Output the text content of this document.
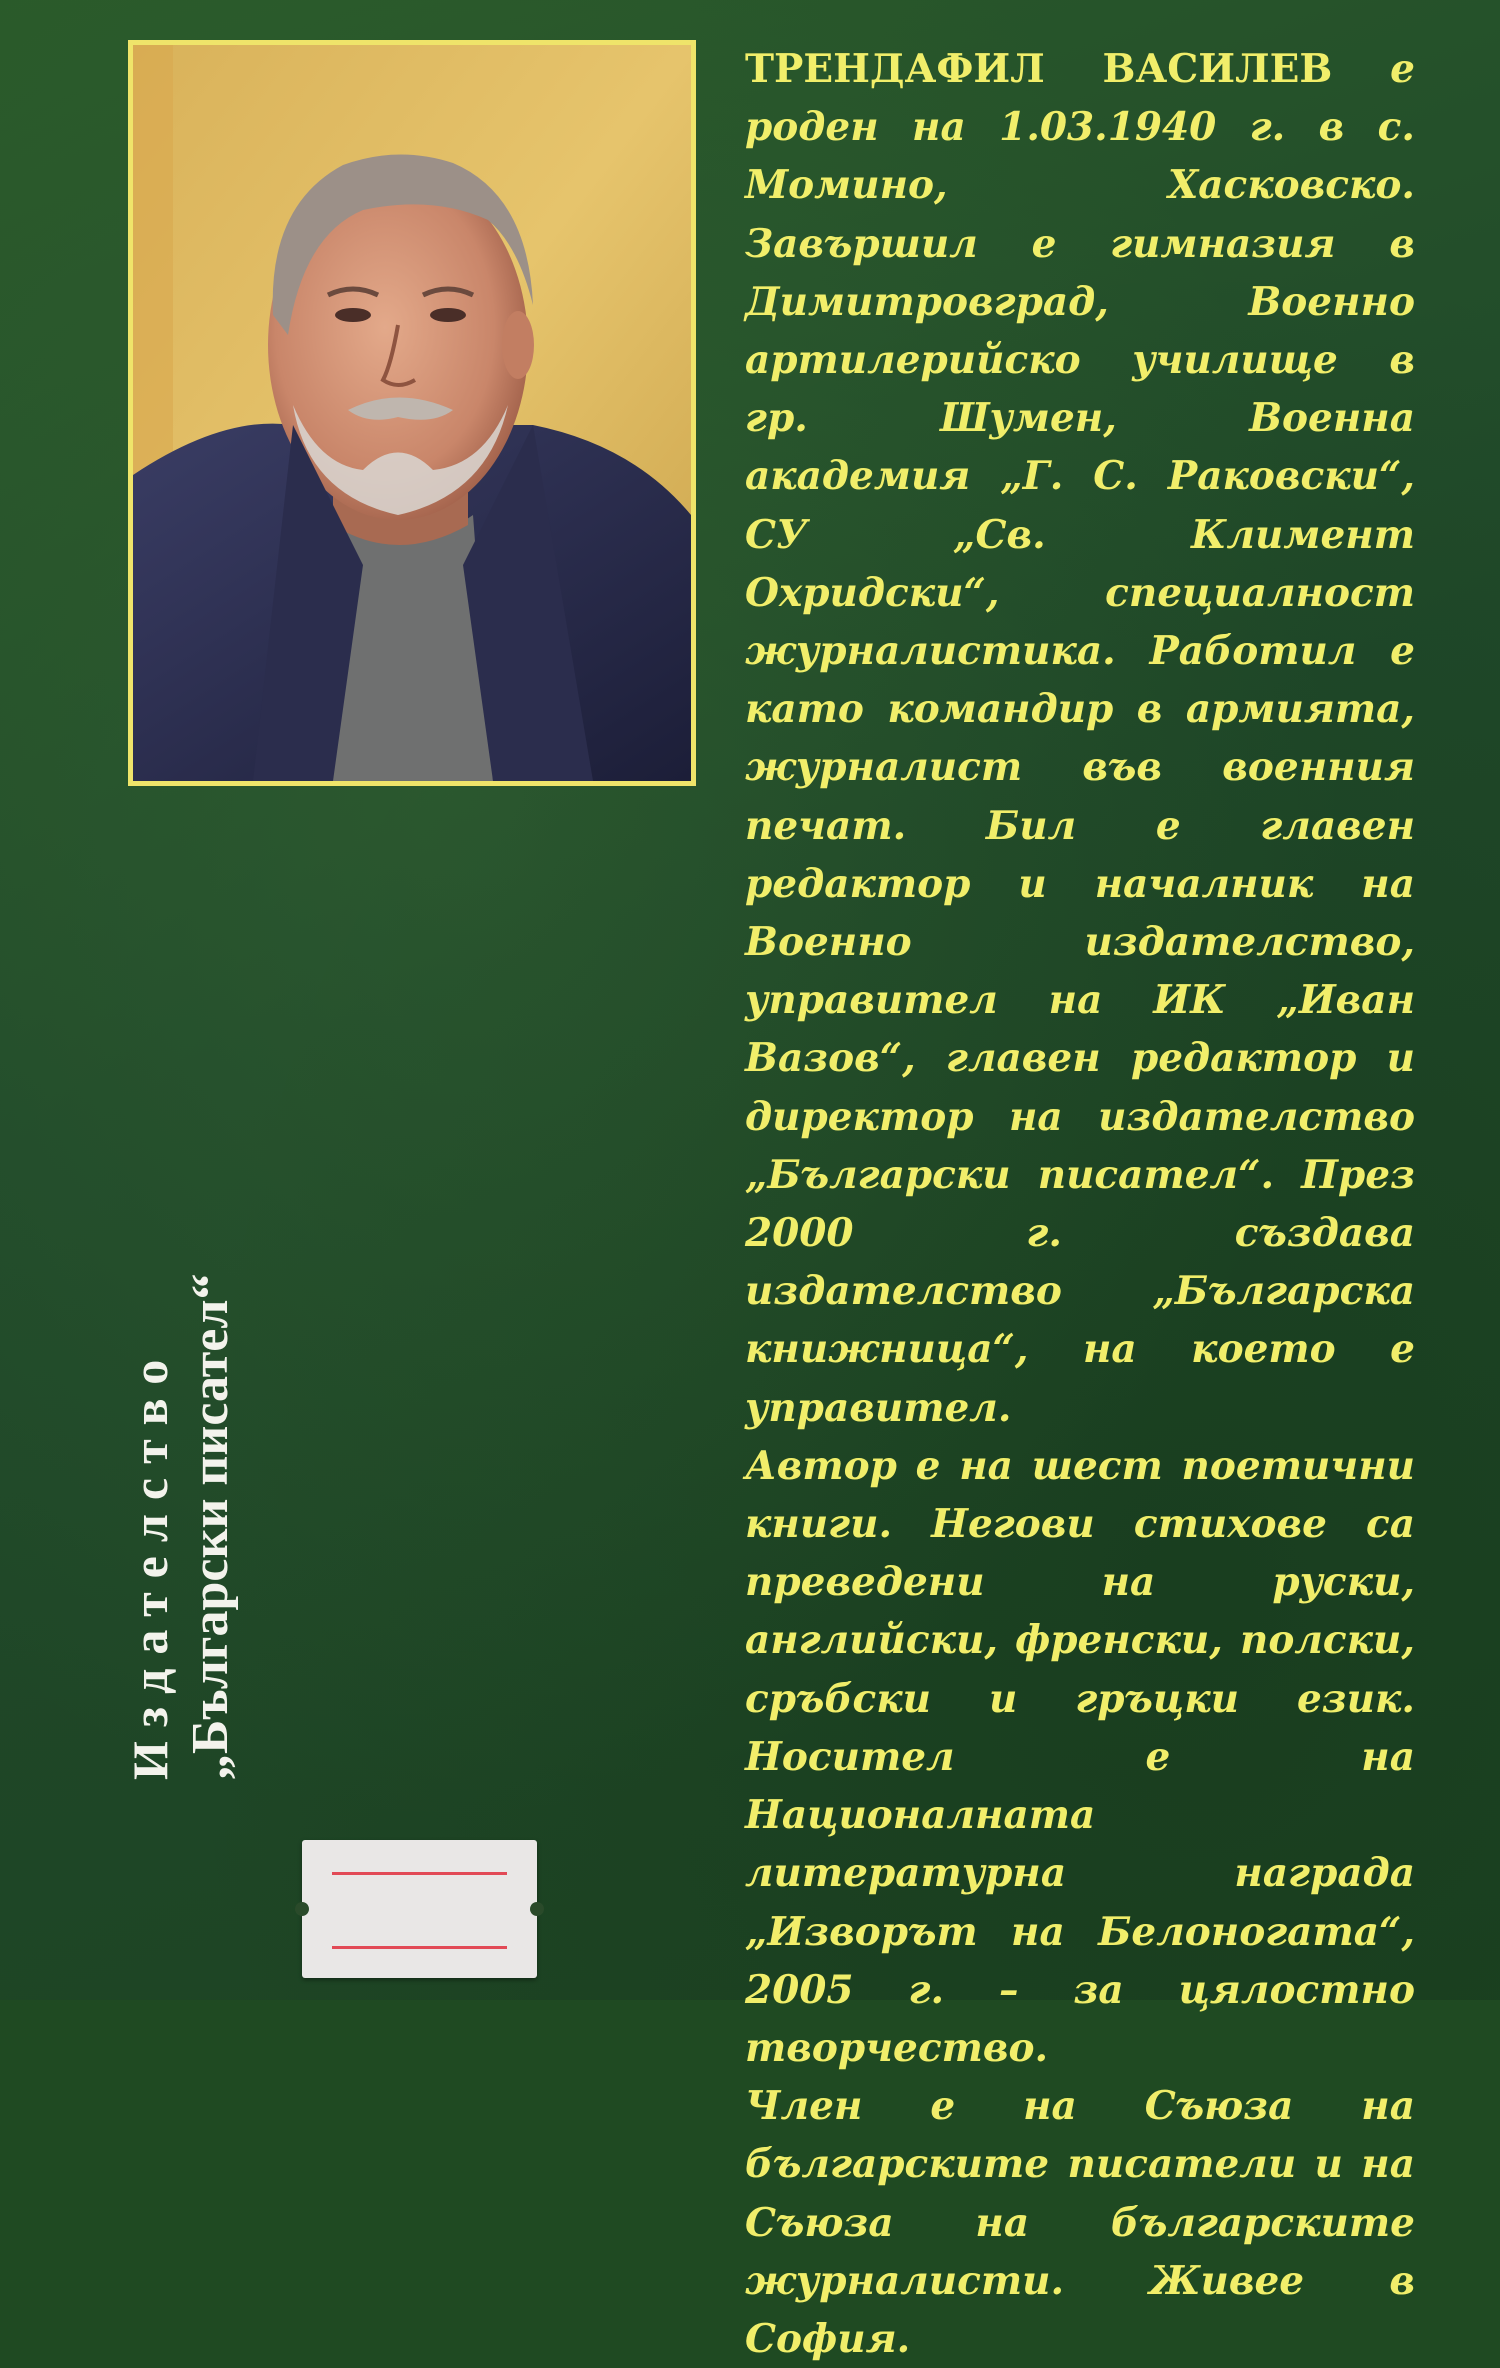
ТРЕНДАФИЛ ВАСИЛЕВ е роден на 1.03.1940 г. в с. Момино, Хасковско. Завършил е гимназия в Димитровград, Военно артилерийско училище в гр. Шумен, Военна академия „Г. С. Раковски“, СУ „Св. Климент Охридски“, специалност журналистика. Работил е като командир в армията, журналист във военния печат. Бил е главен редактор и началник на Военно издателство, управител на ИК „Иван Вазов“, главен редактор и директор на издателство „Български писател“. През 2000 г. създава издателство „Българска книжница“, на което е управител.

Автор е на шест поетични книги. Негови стихове са преведени на руски, английски, френски, полски, сръбски и гръцки език. Носител е на Националната литературна награда „Изворът на Белоногата“, 2005 г. – за цялостно творчество.

Член е на Съюза на българските писатели и на Съюза на българските журналисти. Живее в София.

Издателство „Български писател“
